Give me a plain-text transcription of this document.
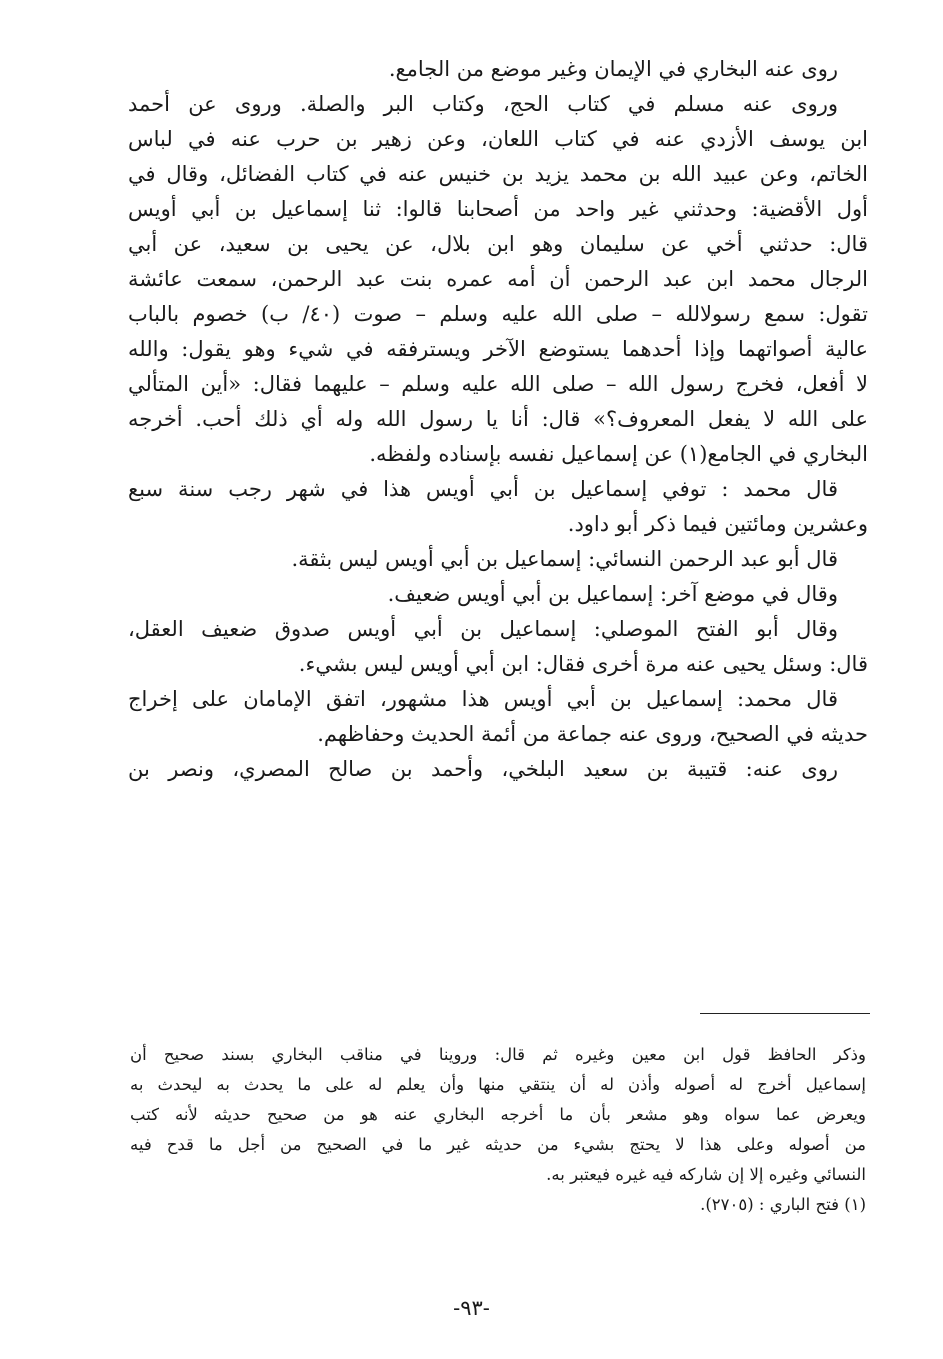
روى عنه البخاري في الإيمان وغير موضع من الجامع.
وروى عنه مسلم في كتاب الحج، وكتاب البر والصلة. وروى عن أحمد
ابن يوسف الأزدي عنه في كتاب اللعان، وعن زهير بن حرب عنه في لباس
الخاتم، وعن عبيد الله بن محمد يزيد بن خنيس عنه في كتاب الفضائل، وقال في
أول الأقضية: وحدثني غير واحد من أصحابنا قالوا: ثنا إسماعيل بن أبي أويس
قال: حدثني أخي عن سليمان وهو ابن بلال، عن يحيى بن سعيد، عن أبي
الرجال محمد ابن عبد الرحمن أن أمه عمره بنت عبد الرحمن، سمعت عائشة
تقول: سمع رسولالله – صلى الله عليه وسلم – صوت (٤٠/ ب) خصوم بالباب
عالية أصواتهما وإذا أحدهما يستوضع الآخر ويسترفقه في شيء وهو يقول: والله
لا أفعل، فخرج رسول الله – صلى الله عليه وسلم – عليهما فقال: «أين المتألي
على الله لا يفعل المعروف؟» قال: أنا يا رسول الله وله أي ذلك أحب. أخرجه
البخاري في الجامع(١) عن إسماعيل نفسه بإسناده ولفظه.
قال محمد : توفي إسماعيل بن أبي أويس هذا في شهر رجب سنة سبع
وعشرين ومائتين فيما ذكر أبو داود.
قال أبو عبد الرحمن النسائي: إسماعيل بن أبي أويس ليس بثقة.
وقال في موضع آخر: إسماعيل بن أبي أويس ضعيف.
وقال أبو الفتح الموصلي: إسماعيل بن أبي أويس صدوق ضعيف العقل،
قال: وسئل يحيى عنه مرة أخرى فقال: ابن أبي أويس ليس بشيء.
قال محمد: إسماعيل بن أبي أويس هذا مشهور، اتفق الإمامان على إخراج
حديثه في الصحيح، وروى عنه جماعة من أئمة الحديث وحفاظهم.
روى عنه: قتيبة بن سعيد البلخي، وأحمد بن صالح المصري، ونصر بن
وذكر الحافظ قول ابن معين وغيره ثم قال: وروينا في مناقب البخاري بسند صحيح أن
إسماعيل أخرج له أصوله وأذن له أن ينتقي منها وأن يعلم له على ما يحدث به ليحدث به
ويعرض عما سواه وهو مشعر بأن ما أخرجه البخاري عنه هو من صحيح حديثه لأنه كتب
من أصوله وعلى هذا لا يحتج بشيء من حديثه غير ما في الصحيح من أجل ما قدح فيه
النسائي وغيره إلا إن شاركه فيه غيره فيعتبر به.
(١) فتح الباري : (٢٧٠٥).
-٩٣-
